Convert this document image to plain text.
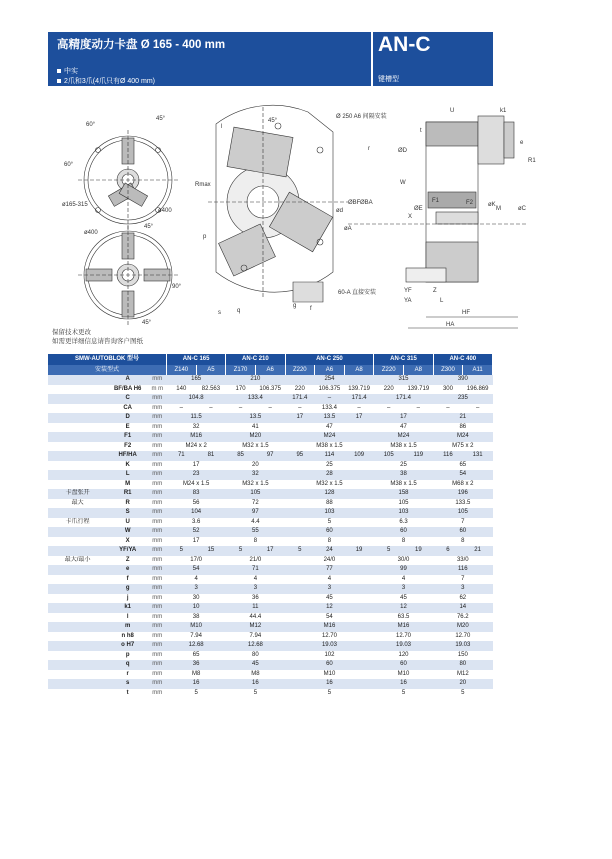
高精度动力卡盘 Ø 165 - 400 mm
中实
2爪和3爪(4爪只有Ø 400 mm)
AN-C
键槽型
60°
45°
60°
ø165-315
ø400
ø400
45°
90°
45°
45°
Rmax
p
l
q
s
ød
øA
g f
Ø 250 A6 间隔安装
60-A 直接安装
k1
U
e
R1
øC
ØD
ØBF ØBA
ØE
W
X
F1	F2 øK
M
t
r
YF
YA
Z
L
HF
HA
保留技术更改
如需更详细信息请咨询客户图纸
SMW-AUTOBLOK 型号			AN-C 165		AN-C 210		AN-C 250			AN-C 315		AN-C 400	
安装型式			Z140	A5	Z170	A6	Z220	A6	A8	Z220	A8	Z300	A11
	A	mm	165		210		254			315		390	
	BF/BA H6	m m	140	82.563	170	106.375	220	106.375	139.719	220	139.719	300	196.869
	C	mm	104.8		133.4		171.4	–	171.4	171.4		235	
	CA	mm	–	–	–	–	–	133.4	–	–	–	–	–
	D	mm	11.5		13.5		17	13.5	17	17		21	
	E	mm	32		41		47			47		86	
	F1	mm	M16		M20		M24			M24		M24	
	F2	mm	M24 x 2		M32 x 1.5		M38 x 1.5			M38 x 1.5		M75 x 2	
	HF/HA	mm	71	81	85	97	95	114	109	105	119	116	131
	K	mm	17		20		25			25		65	
	L	mm	23		32		28			38		54	
	M	mm	M24 x 1.5		M32 x 1.5		M32 x 1.5			M38 x 1.5		M68 x 2	
卡盘张开	R1	mm	83		105		128			158		196	
最大	R	mm	56		72		88			105		133.5	
	S	mm	104		97		103			103		105	
卡爪行程	U	mm	3.6		4.4		5			6.3		7	
	W	mm	52		55		60			60		60	
	X	mm	17		8		8			8		8	
	YF/YA	mm	5	15	5	17	5	24	19	5	19	6	21
最大/最小	Z	mm	17/0		21/0		24/0			30/0		33/0	
	e	mm	54		71		77			99		116	
	f	mm	4		4		4			4		7	
	g	mm	3		3		3			3		3	
	j	mm	30		36		45			45		62	
	k1	mm	10		11		12			12		14	
	l	mm	38		44.4		54			63.5		76.2	
	m	mm	M10		M12		M16			M16		M20	
	n h8	mm	7.94		7.94		12.70			12.70		12.70	
	o H7	mm	12.68		12.68		19.03			19.03		19.03	
	p	mm	65		80		102			120		150	
	q	mm	36		45		60			60		80	
	r	mm	M8		M8		M10			M10		M12	
	s	mm	16		16		16			16		20	
	t	mm	5		5		5			5		5	
